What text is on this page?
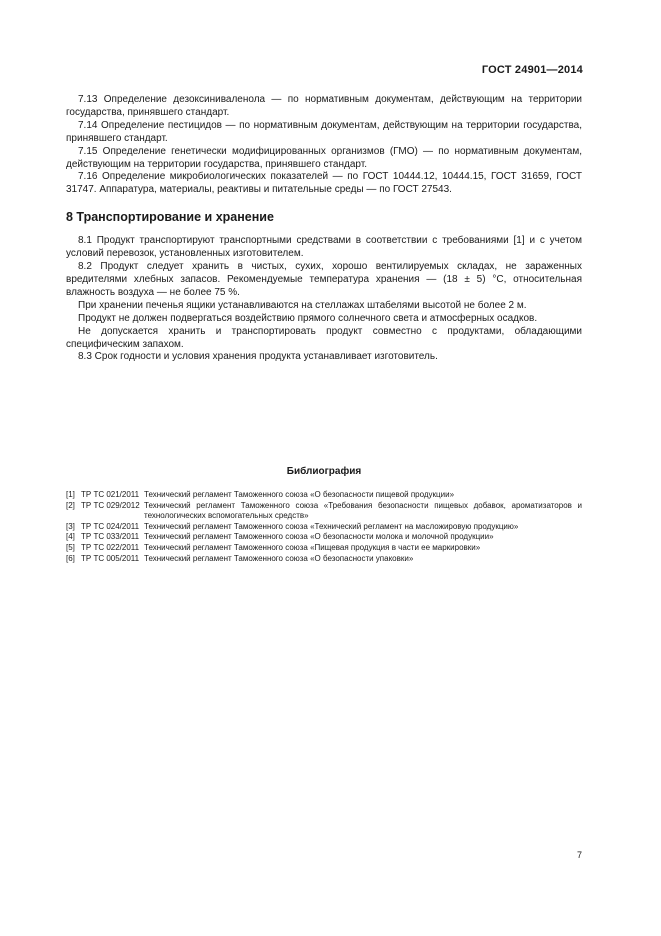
ГОСТ 24901—2014

7.13 Определение дезоксиниваленола — по нормативным документам, действующим на территории государства, принявшего стандарт.

7.14 Определение пестицидов — по нормативным документам, действующим на территории государства, принявшего стандарт.

7.15 Определение генетически модифицированных организмов (ГМО) — по нормативным документам, действующим на территории государства, принявшего стандарт.

7.16 Определение микробиологических показателей — по ГОСТ 10444.12, 10444.15, ГОСТ 31659, ГОСТ 31747. Аппаратура, материалы, реактивы и питательные среды — по ГОСТ 27543.

8 Транспортирование и хранение

8.1 Продукт транспортируют транспортными средствами в соответствии с требованиями [1] и с учетом условий перевозок, установленных изготовителем.

8.2 Продукт следует хранить в чистых, сухих, хорошо вентилируемых складах, не зараженных вредителями хлебных запасов. Рекомендуемые температура хранения — (18 ± 5) °С, относительная влажность воздуха — не более 75 %.

При хранении печенья ящики устанавливаются на стеллажах штабелями высотой не более 2 м.

Продукт не должен подвергаться воздействию прямого солнечного света и атмосферных осадков.

Не допускается хранить и транспортировать продукт совместно с продуктами, обладающими специфическим запахом.

8.3 Срок годности и условия хранения продукта устанавливает изготовитель.

Библиография
[1] ТР ТС 021/2011 Технический регламент Таможенного союза «О безопасности пищевой продукции»
[2] ТР ТС 029/2012 Технический регламент Таможенного союза «Требования безопасности пищевых добавок, ароматизаторов и технологических вспомогательных средств»
[3] ТР ТС 024/2011 Технический регламент Таможенного союза «Технический регламент на масложировую продукцию»
[4] ТР ТС 033/2011 Технический регламент Таможенного союза «О безопасности молока и молочной продукции»
[5] ТР ТС 022/2011 Технический регламент Таможенного союза «Пищевая продукция в части ее маркировки»
[6] ТР ТС 005/2011 Технический регламент Таможенного союза «О безопасности упаковки»
7
